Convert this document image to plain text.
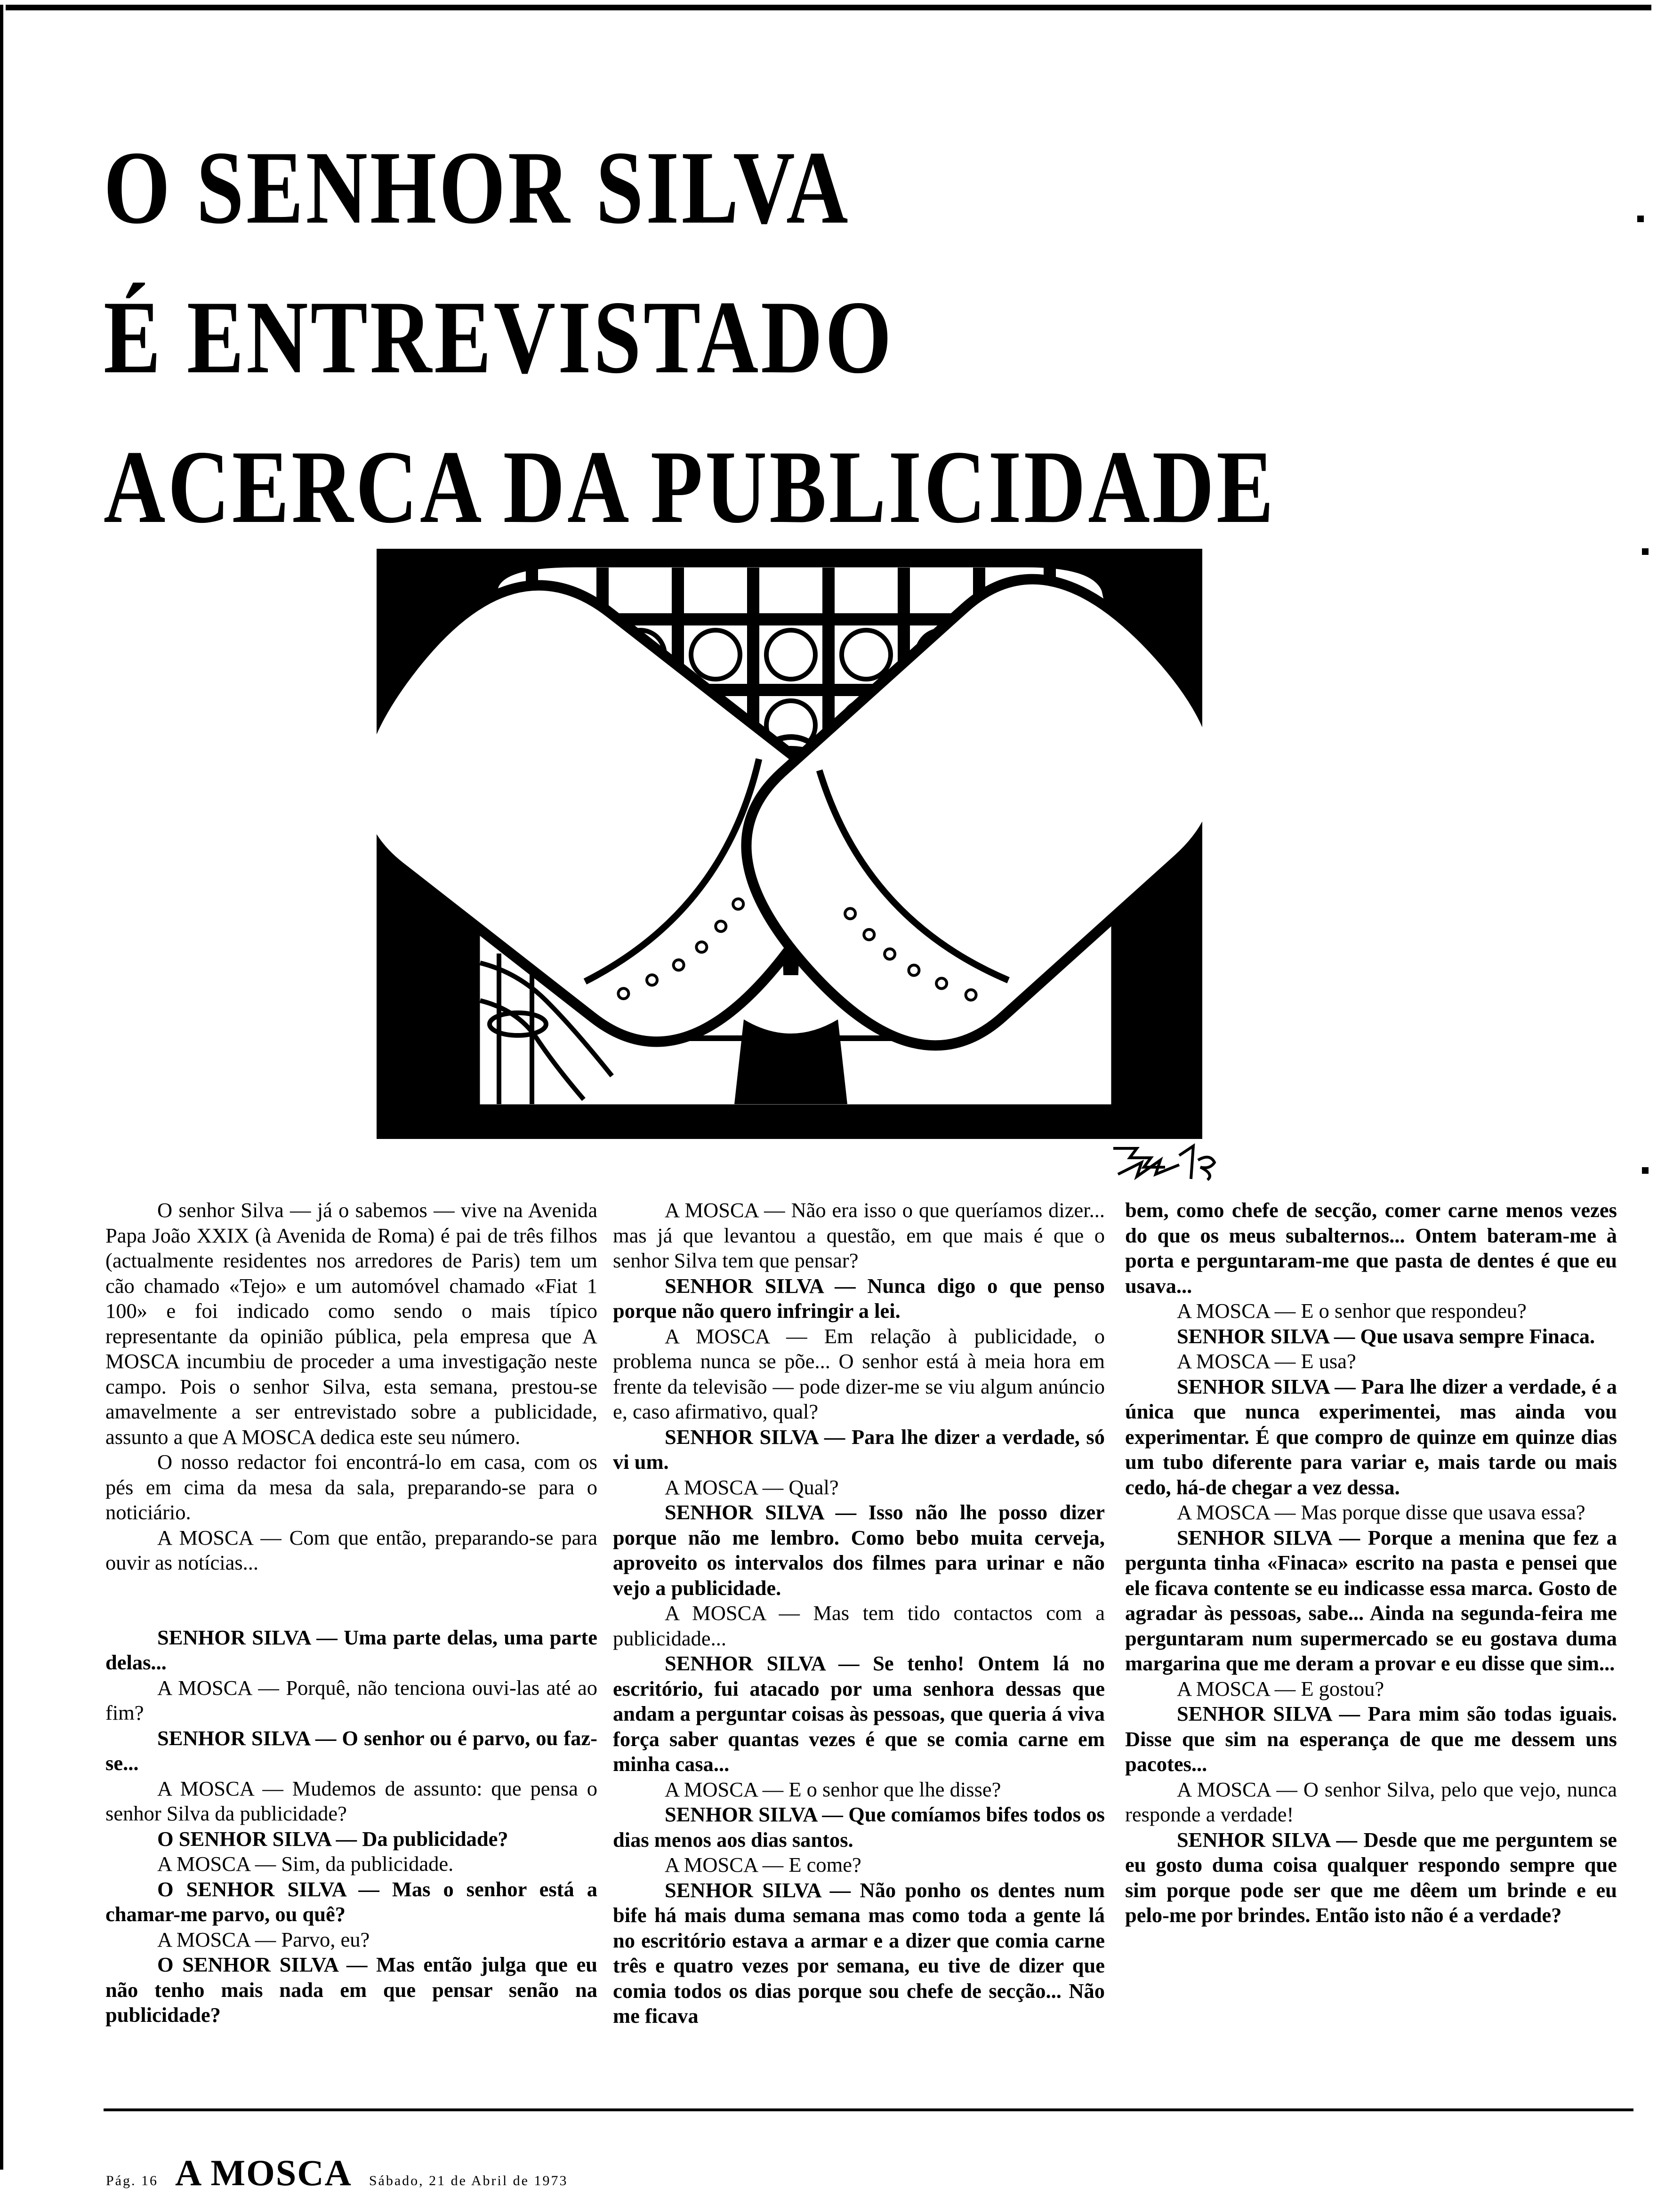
O SENHOR SILVA
É ENTREVISTADO
ACERCA DA PUBLICIDADE

O senhor Silva — já o sabemos — vive na Avenida Papa João XXIX (à Avenida de Roma) é pai de três filhos (actualmente residentes nos arredores de Paris) tem um cão chamado «Tejo» e um automóvel chamado «Fiat 1 100» e foi indicado como sendo o mais típico representante da opinião pública, pela empresa que A MOSCA incumbiu de proceder a uma investigação neste campo. Pois o senhor Silva, esta semana, prestou-se amavelmente a ser entrevistado sobre a publicidade, assunto a que A MOSCA dedica este seu número.

O nosso redactor foi encontrá-lo em casa, com os pés em cima da mesa da sala, preparando-se para o noticiário.

A MOSCA — Com que então, preparando-se para ouvir as notícias...

SENHOR SILVA — Uma parte delas, uma parte delas...

A MOSCA — Porquê, não tenciona ouvi-las até ao fim?

SENHOR SILVA — O senhor ou é parvo, ou faz-se...

A MOSCA — Mudemos de assunto: que pensa o senhor Silva da publicidade?

O SENHOR SILVA — Da publicidade?

A MOSCA — Sim, da publicidade.

O SENHOR SILVA — Mas o senhor está a chamar-me parvo, ou quê?

A MOSCA — Parvo, eu?

O SENHOR SILVA — Mas então julga que eu não tenho mais nada em que pensar senão na publicidade?

A MOSCA — Não era isso o que queríamos dizer... mas já que levantou a questão, em que mais é que o senhor Silva tem que pensar?

SENHOR SILVA — Nunca digo o que penso porque não quero infringir a lei.

A MOSCA — Em relação à publicidade, o problema nunca se põe... O senhor está à meia hora em frente da televisão — pode dizer-me se viu algum anúncio e, caso afirmativo, qual?

SENHOR SILVA — Para lhe dizer a verdade, só vi um.

A MOSCA — Qual?

SENHOR SILVA — Isso não lhe posso dizer porque não me lembro. Como bebo muita cerveja, aproveito os intervalos dos filmes para urinar e não vejo a publicidade.

A MOSCA — Mas tem tido contactos com a publicidade...

SENHOR SILVA — Se tenho! Ontem lá no escritório, fui atacado por uma senhora dessas que andam a perguntar coisas às pessoas, que queria á viva força saber quantas vezes é que se comia carne em minha casa...

A MOSCA — E o senhor que lhe disse?

SENHOR SILVA — Que comíamos bifes todos os dias menos aos dias santos.

A MOSCA — E come?

SENHOR SILVA — Não ponho os dentes num bife há mais duma semana mas como toda a gente lá no escritório estava a armar e a dizer que comia carne três e quatro vezes por semana, eu tive de dizer que comia todos os dias porque sou chefe de secção... Não me ficava

bem, como chefe de secção, comer carne menos vezes do que os meus subalternos... Ontem bateram-me à porta e perguntaram-me que pasta de dentes é que eu usava...

A MOSCA — E o senhor que respondeu?

SENHOR SILVA — Que usava sempre Finaca.

A MOSCA — E usa?

SENHOR SILVA — Para lhe dizer a verdade, é a única que nunca experimentei, mas ainda vou experimentar. É que compro de quinze em quinze dias um tubo diferente para variar e, mais tarde ou mais cedo, há-de chegar a vez dessa.

A MOSCA — Mas porque disse que usava essa?

SENHOR SILVA — Porque a menina que fez a pergunta tinha «Finaca» escrito na pasta e pensei que ele ficava contente se eu indicasse essa marca. Gosto de agradar às pessoas, sabe... Ainda na segunda-feira me perguntaram num supermercado se eu gostava duma margarina que me deram a provar e eu disse que sim...

A MOSCA — E gostou?

SENHOR SILVA — Para mim são todas iguais. Disse que sim na esperança de que me dessem uns pacotes...

A MOSCA — O senhor Silva, pelo que vejo, nunca responde a verdade!

SENHOR SILVA — Desde que me perguntem se eu gosto duma coisa qualquer respondo sempre que sim porque pode ser que me dêem um brinde e eu pelo-me por brindes. Então isto não é a verdade?

Pág. 16 A MOSCA Sábado, 21 de Abril de 1973
